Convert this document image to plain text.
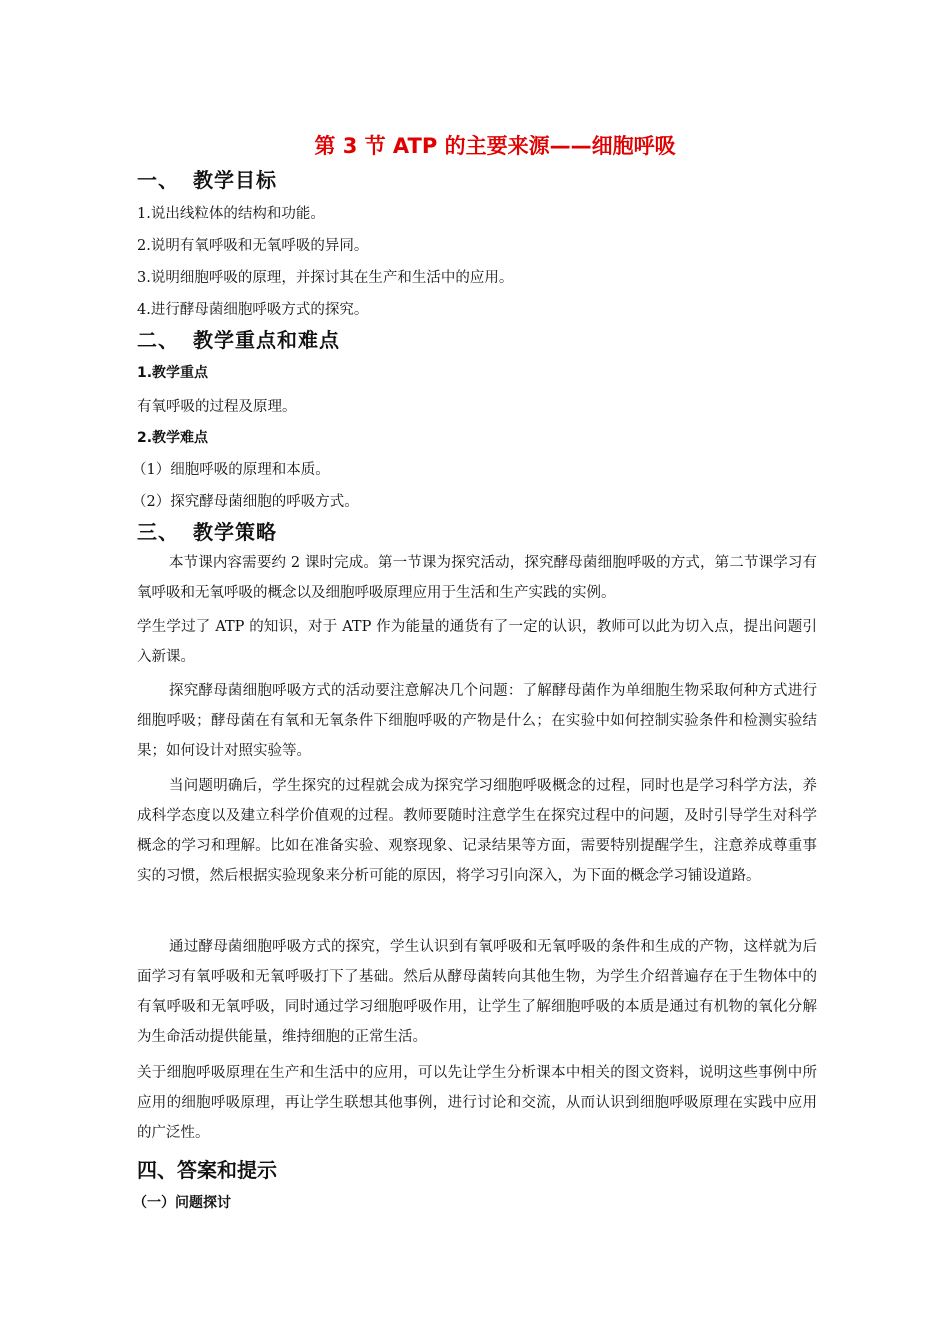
第 3 节 ATP 的主要来源——细胞呼吸
一、 教学目标
1.说出线粒体的结构和功能。
2.说明有氧呼吸和无氧呼吸的异同。
3.说明细胞呼吸的原理，并探讨其在生产和生活中的应用。
4.进行酵母菌细胞呼吸方式的探究。
二、 教学重点和难点
1.教学重点
有氧呼吸的过程及原理。
2.教学难点
（1）细胞呼吸的原理和本质。
（2）探究酵母菌细胞的呼吸方式。
三、 教学策略

本节课内容需要约 2 课时完成。第一节课为探究活动，探究酵母菌细胞呼吸的方式，第二节课学习有氧呼吸和无氧呼吸的概念以及细胞呼吸原理应用于生活和生产实践的实例。

学生学过了 ATP 的知识，对于 ATP 作为能量的通货有了一定的认识，教师可以此为切入点，提出问题引入新课。

探究酵母菌细胞呼吸方式的活动要注意解决几个问题：了解酵母菌作为单细胞生物采取何种方式进行细胞呼吸；酵母菌在有氧和无氧条件下细胞呼吸的产物是什么；在实验中如何控制实验条件和检测实验结果；如何设计对照实验等。

当问题明确后，学生探究的过程就会成为探究学习细胞呼吸概念的过程，同时也是学习科学方法，养成科学态度以及建立科学价值观的过程。教师要随时注意学生在探究过程中的问题，及时引导学生对科学概念的学习和理解。比如在准备实验、观察现象、记录结果等方面，需要特别提醒学生，注意养成尊重事实的习惯，然后根据实验现象来分析可能的原因，将学习引向深入，为下面的概念学习铺设道路。

通过酵母菌细胞呼吸方式的探究，学生认识到有氧呼吸和无氧呼吸的条件和生成的产物，这样就为后面学习有氧呼吸和无氧呼吸打下了基础。然后从酵母菌转向其他生物，为学生介绍普遍存在于生物体中的有氧呼吸和无氧呼吸，同时通过学习细胞呼吸作用，让学生了解细胞呼吸的本质是通过有机物的氧化分解为生命活动提供能量，维持细胞的正常生活。

关于细胞呼吸原理在生产和生活中的应用，可以先让学生分析课本中相关的图文资料，说明这些事例中所应用的细胞呼吸原理，再让学生联想其他事例，进行讨论和交流，从而认识到细胞呼吸原理在实践中应用的广泛性。

四、答案和提示
（一）问题探讨
